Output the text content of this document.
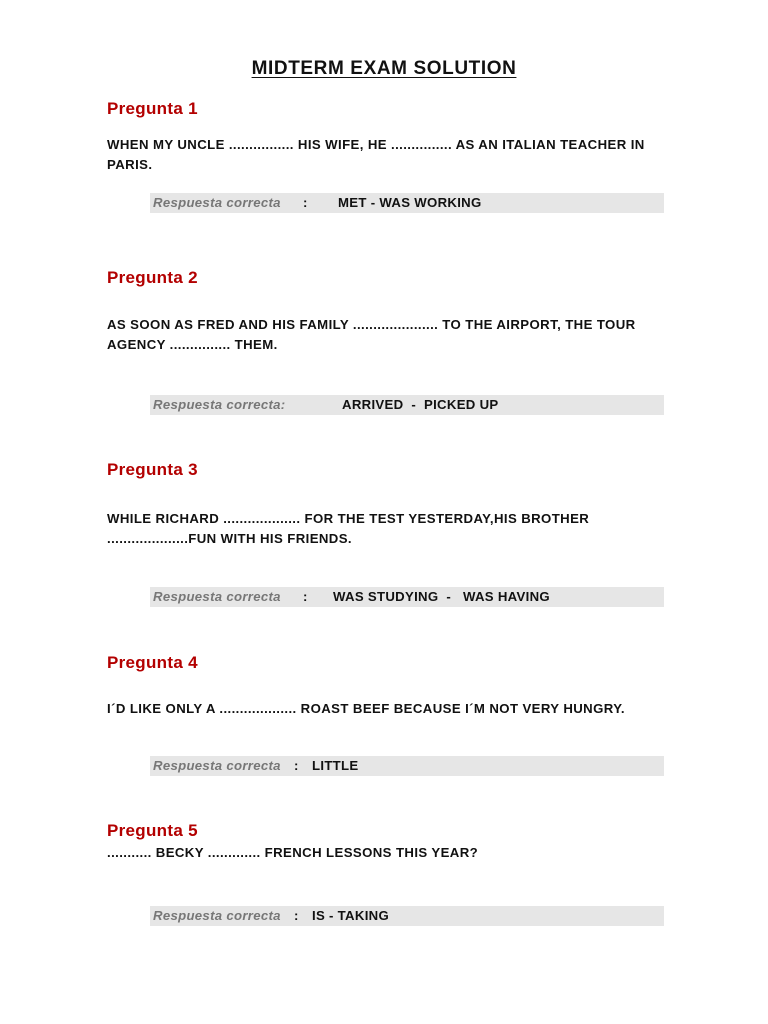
MIDTERM EXAM SOLUTION
Pregunta 1
WHEN MY UNCLE ................ HIS WIFE, HE ............... AS AN ITALIAN TEACHER IN PARIS.

Respuesta correcta

:

MET - WAS WORKING

Pregunta 2
AS SOON AS FRED AND HIS FAMILY ..................... TO THE AIRPORT, THE TOUR AGENCY ............... THEM.

Respuesta correcta:

	ARRIVED  -  PICKED UP

Pregunta 3
WHILE RICHARD ................... FOR THE TEST YESTERDAY,HIS BROTHER ....................FUN WITH HIS FRIENDS.

Respuesta correcta

:

WAS STUDYING  -   WAS HAVING

Pregunta 4
I´D LIKE ONLY A ................... ROAST BEEF BECAUSE I´M NOT VERY HUNGRY.

Respuesta correcta

:

LITTLE

Pregunta 5
........... BECKY ............. FRENCH LESSONS THIS YEAR?

Respuesta correcta

:

IS - TAKING
